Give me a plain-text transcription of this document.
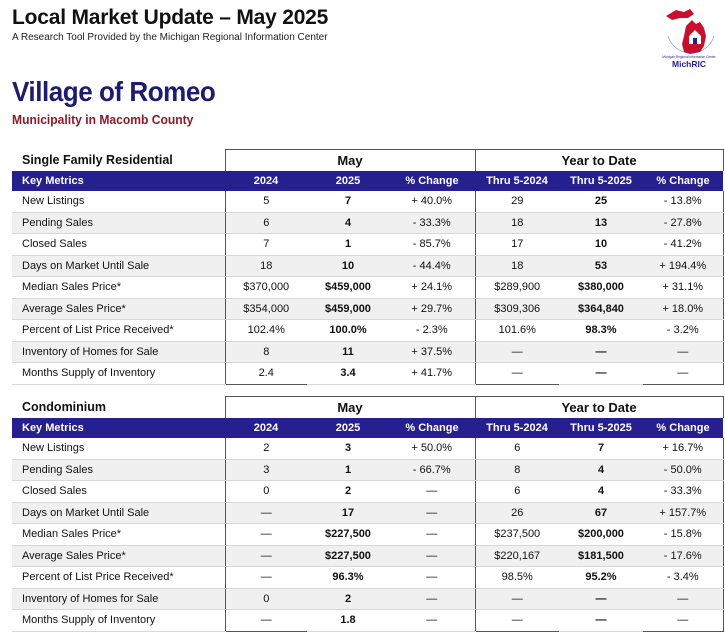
Local Market Update – May 2025
A Research Tool Provided by the Michigan Regional Information Center
Michigan Regional Information Center
MichRIC
Village of Romeo
Municipality in Macomb County
Single Family Residential	May			Year to Date		
Key Metrics	2024	2025	% Change	Thru 5-2024	Thru 5-2025	% Change
New Listings	5	7	+ 40.0%	29	25	- 13.8%
Pending Sales	6	4	- 33.3%	18	13	- 27.8%
Closed Sales	7	1	- 85.7%	17	10	- 41.2%
Days on Market Until Sale	18	10	- 44.4%	18	53	+ 194.4%
Median Sales Price*	$370,000	$459,000	+ 24.1%	$289,900	$380,000	+ 31.1%
Average Sales Price*	$354,000	$459,000	+ 29.7%	$309,306	$364,840	+ 18.0%
Percent of List Price Received*	102.4%	100.0%	- 2.3%	101.6%	98.3%	- 3.2%
Inventory of Homes for Sale	8	11	+ 37.5%	—	—	—
Months Supply of Inventory	2.4	3.4	+ 41.7%	—	—	—
Condominium	May			Year to Date		
Key Metrics	2024	2025	% Change	Thru 5-2024	Thru 5-2025	% Change
New Listings	2	3	+ 50.0%	6	7	+ 16.7%
Pending Sales	3	1	- 66.7%	8	4	- 50.0%
Closed Sales	0	2	—	6	4	- 33.3%
Days on Market Until Sale	—	17	—	26	67	+ 157.7%
Median Sales Price*	—	$227,500	—	$237,500	$200,000	- 15.8%
Average Sales Price*	—	$227,500	—	$220,167	$181,500	- 17.6%
Percent of List Price Received*	—	96.3%	—	98.5%	95.2%	- 3.4%
Inventory of Homes for Sale	0	2	—	—	—	—
Months Supply of Inventory	—	1.8	—	—	—	—
